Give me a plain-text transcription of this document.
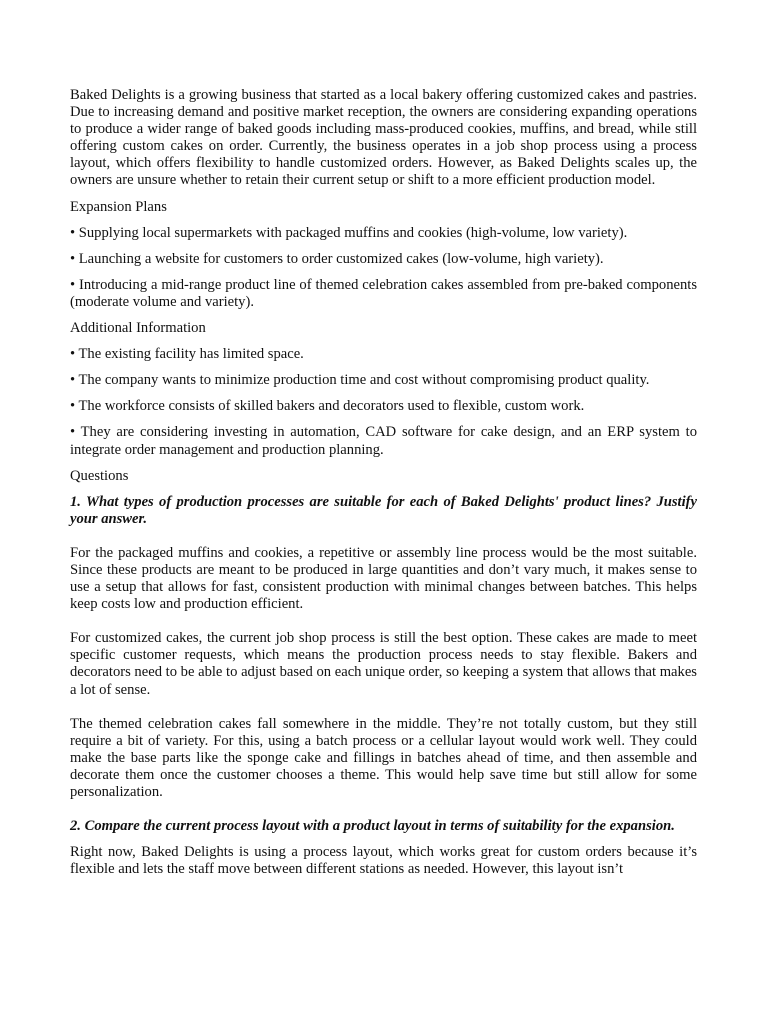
Baked Delights is a growing business that started as a local bakery offering customized cakes and pastries. Due to increasing demand and positive market reception, the owners are considering expanding operations to produce a wider range of baked goods including mass-produced cookies, muffins, and bread, while still offering custom cakes on order. Currently, the business operates in a job shop process using a process layout, which offers flexibility to handle customized orders. However, as Baked Delights scales up, the owners are unsure whether to retain their current setup or shift to a more efficient production model.

Expansion Plans

• Supplying local supermarkets with packaged muffins and cookies (high-volume, low variety).

• Launching a website for customers to order customized cakes (low-volume, high variety).

• Introducing a mid-range product line of themed celebration cakes assembled from pre-baked components (moderate volume and variety).

Additional Information

• The existing facility has limited space.

• The company wants to minimize production time and cost without compromising product quality.

• The workforce consists of skilled bakers and decorators used to flexible, custom work.

• They are considering investing in automation, CAD software for cake design, and an ERP system to integrate order management and production planning.

Questions

1. What types of production processes are suitable for each of Baked Delights' product lines? Justify your answer.

For the packaged muffins and cookies, a repetitive or assembly line process would be the most suitable. Since these products are meant to be produced in large quantities and don’t vary much, it makes sense to use a setup that allows for fast, consistent production with minimal changes between batches. This helps keep costs low and production efficient.

For customized cakes, the current job shop process is still the best option. These cakes are made to meet specific customer requests, which means the production process needs to stay flexible. Bakers and decorators need to be able to adjust based on each unique order, so keeping a system that allows that makes a lot of sense.

The themed celebration cakes fall somewhere in the middle. They’re not totally custom, but they still require a bit of variety. For this, using a batch process or a cellular layout would work well. They could make the base parts like the sponge cake and fillings in batches ahead of time, and then assemble and decorate them once the customer chooses a theme. This would help save time but still allow for some personalization.

2. Compare the current process layout with a product layout in terms of suitability for the expansion.

Right now, Baked Delights is using a process layout, which works great for custom orders because it’s flexible and lets the staff move between different stations as needed. However, this layout isn’t
